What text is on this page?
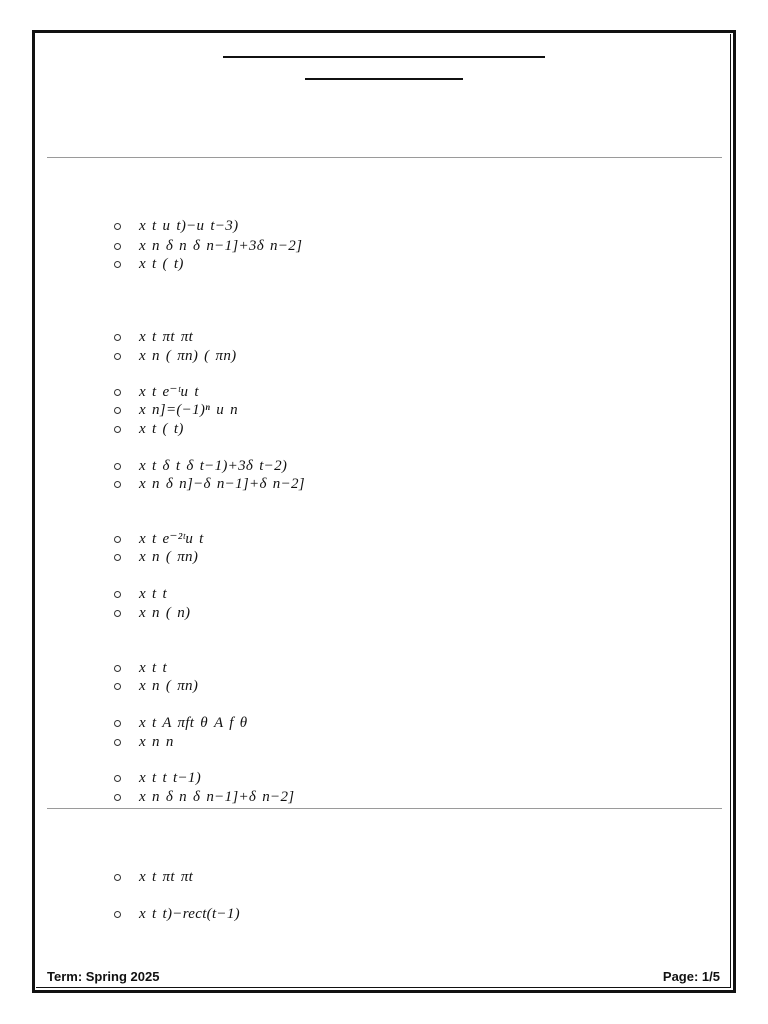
x t u t)−u t−3)
x n δ n δ n−1]+3δ n−2]
x t ( t)
x t πt πt
x n ( πn) ( πn)
x t e⁻ᵗu t
x n]=(−1)ⁿ u n
x t ( t)
x t δ t δ t−1)+3δ t−2)
x n δ n]−δ n−1]+δ n−2]
x t e⁻²ᵗu t
x n ( πn)
x t t
x n ( n)
x t t
x n ( πn)
x t A πft θ A f θ
x n n
x t t t−1)
x n δ n δ n−1]+δ n−2]
x t πt πt
x t t)−rect(t−1)
Term: Spring 2025	Page: 1/5
